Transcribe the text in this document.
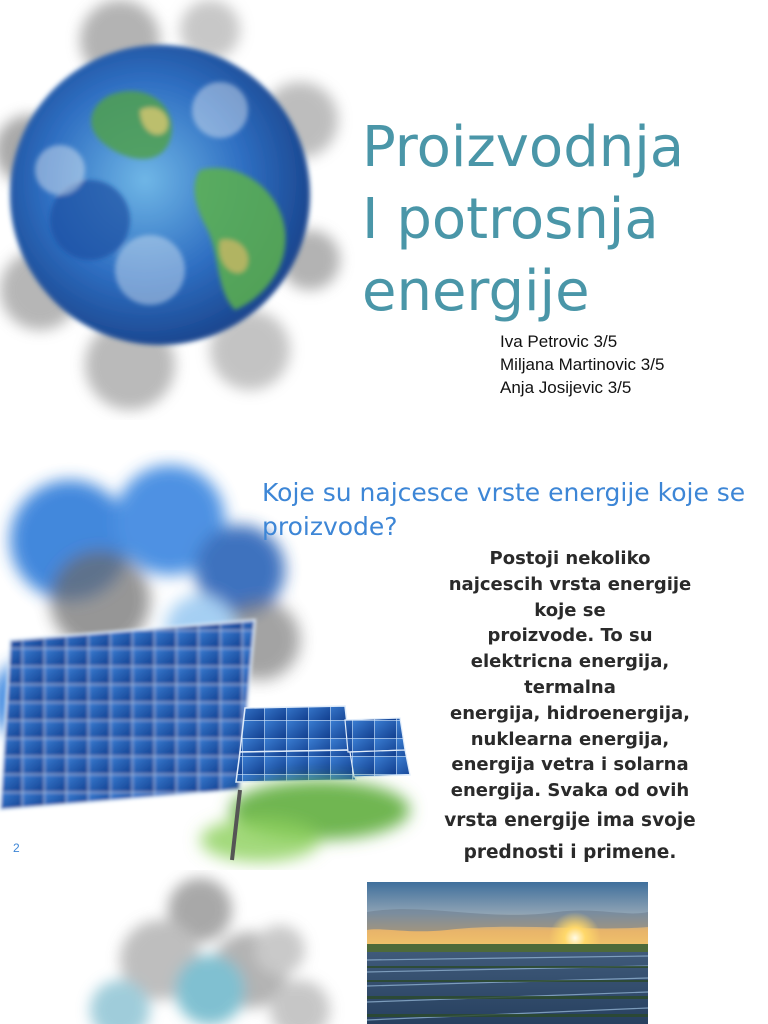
Proizvodnja
I potrosnja
energije
Iva Petrovic 3/5
Miljana Martinovic 3/5
Anja Josijevic 3/5
Koje su najcesce vrste energije koje se
proizvode?
Postoji nekoliko
najcescih vrsta energije
koje se
proizvode. To su
elektricna energija,
termalna
energija, hidroenergija,
nuklearna energija,
energija vetra i solarna
energija. Svaka od ovih
vrsta energije ima svoje
prednosti i primene.
2
